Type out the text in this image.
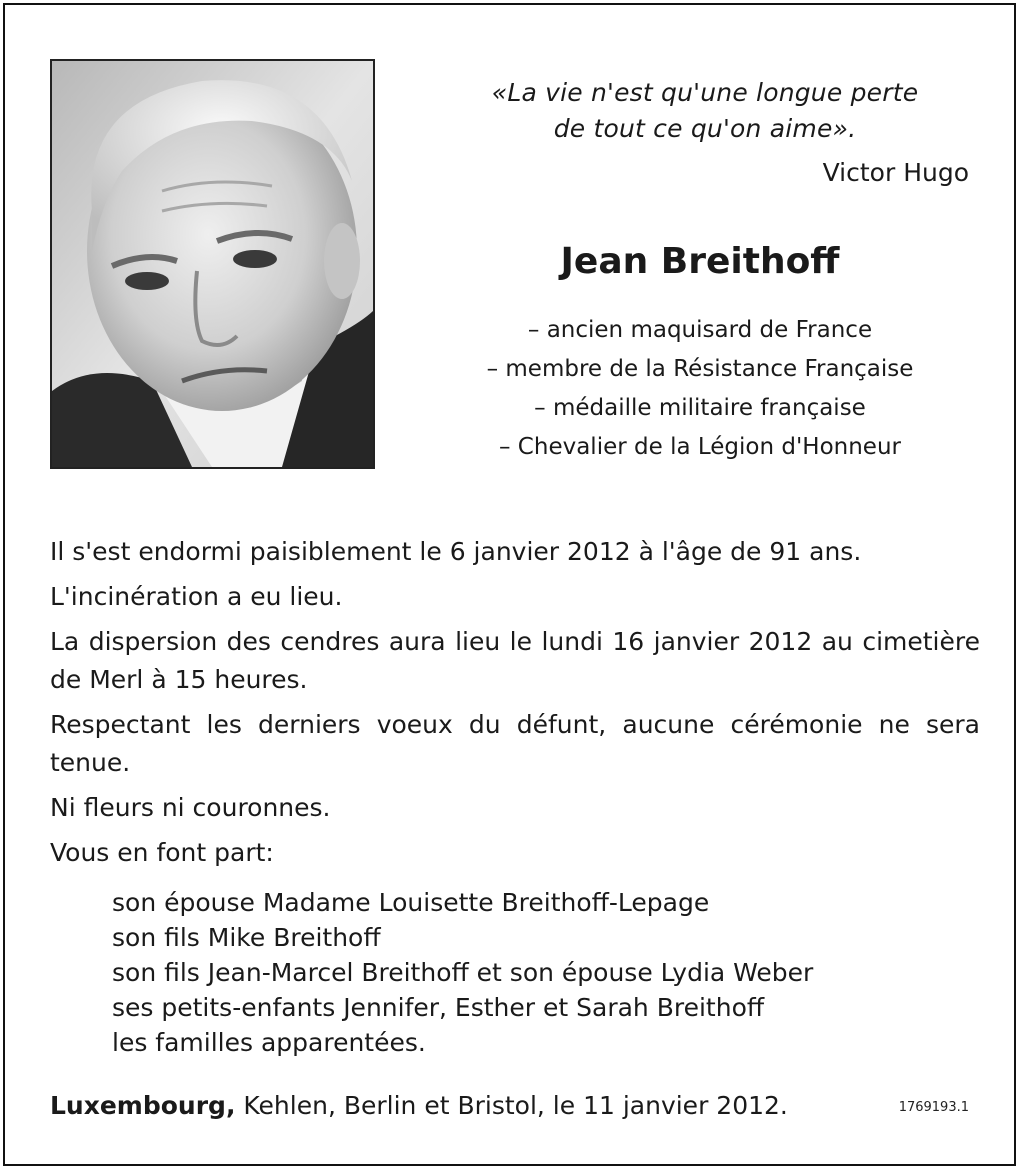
«La vie n'est qu'une longue perte
de tout ce qu'on aime».
Victor Hugo
Jean Breithoff
– ancien maquisard de France
– membre de la Résistance Française
– médaille militaire française
– Chevalier de la Légion d'Honneur

Il s'est endormi paisiblement le 6 janvier 2012 à l'âge de 91 ans.

L'incinération a eu lieu.

La dispersion des cendres aura lieu le lundi 16 janvier 2012 au cimetière de Merl à 15 heures.

Respectant les derniers voeux du défunt, aucune cérémonie ne sera tenue.

Ni fleurs ni couronnes.

Vous en font part:

son épouse Madame Louisette Breithoff-Lepage
son fils Mike Breithoff
son fils Jean-Marcel Breithoff et son épouse Lydia Weber
ses petits-enfants Jennifer, Esther et Sarah Breithoff
les familles apparentées.
Luxembourg, Kehlen, Berlin et Bristol, le 11 janvier 2012.	1769193.1
